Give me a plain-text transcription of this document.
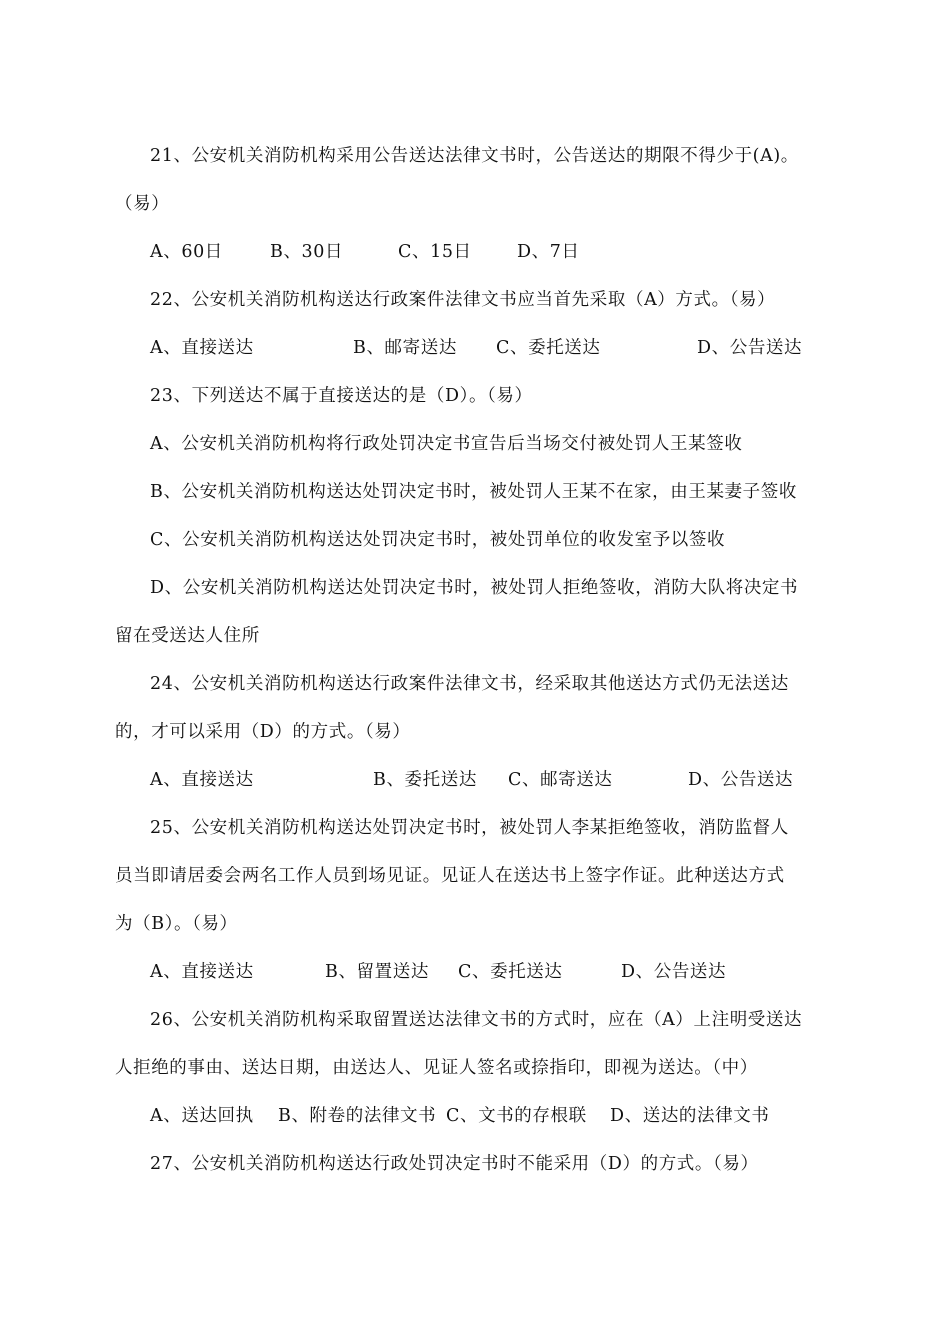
21、公安机关消防机构采用公告送达法律文书时，公告送达的期限不得少于(A)。
（易）
A、60日	B、30日	C、15日	D、7日
22、公安机关消防机构送达行政案件法律文书应当首先采取（A）方式。（易）
A、直接送达	B、邮寄送达 C、委托送达	D、公告送达
23、下列送达不属于直接送达的是（D）。（易）
A、公安机关消防机构将行政处罚决定书宣告后当场交付被处罚人王某签收
B、公安机关消防机构送达处罚决定书时，被处罚人王某不在家，由王某妻子签收
C、公安机关消防机构送达处罚决定书时，被处罚单位的收发室予以签收
D、公安机关消防机构送达处罚决定书时，被处罚人拒绝签收，消防大队将决定书
留在受送达人住所
24、公安机关消防机构送达行政案件法律文书，经采取其他送达方式仍无法送达
的，才可以采用（D）的方式。（易）
A、直接送达	B、委托送达 C、邮寄送达	D、公告送达
25、公安机关消防机构送达处罚决定书时，被处罚人李某拒绝签收，消防监督人
员当即请居委会两名工作人员到场见证。见证人在送达书上签字作证。此种送达方式
为（B）。（易）
A、直接送达	B、留置送达 C、委托送达	D、公告送达
26、公安机关消防机构采取留置送达法律文书的方式时，应在（A）上注明受送达
人拒绝的事由、送达日期，由送达人、见证人签名或捺指印，即视为送达。（中）
A、送达回执 B、附卷的法律文书 C、文书的存根联 D、送达的法律文书
27、公安机关消防机构送达行政处罚决定书时不能采用（D）的方式。（易）
